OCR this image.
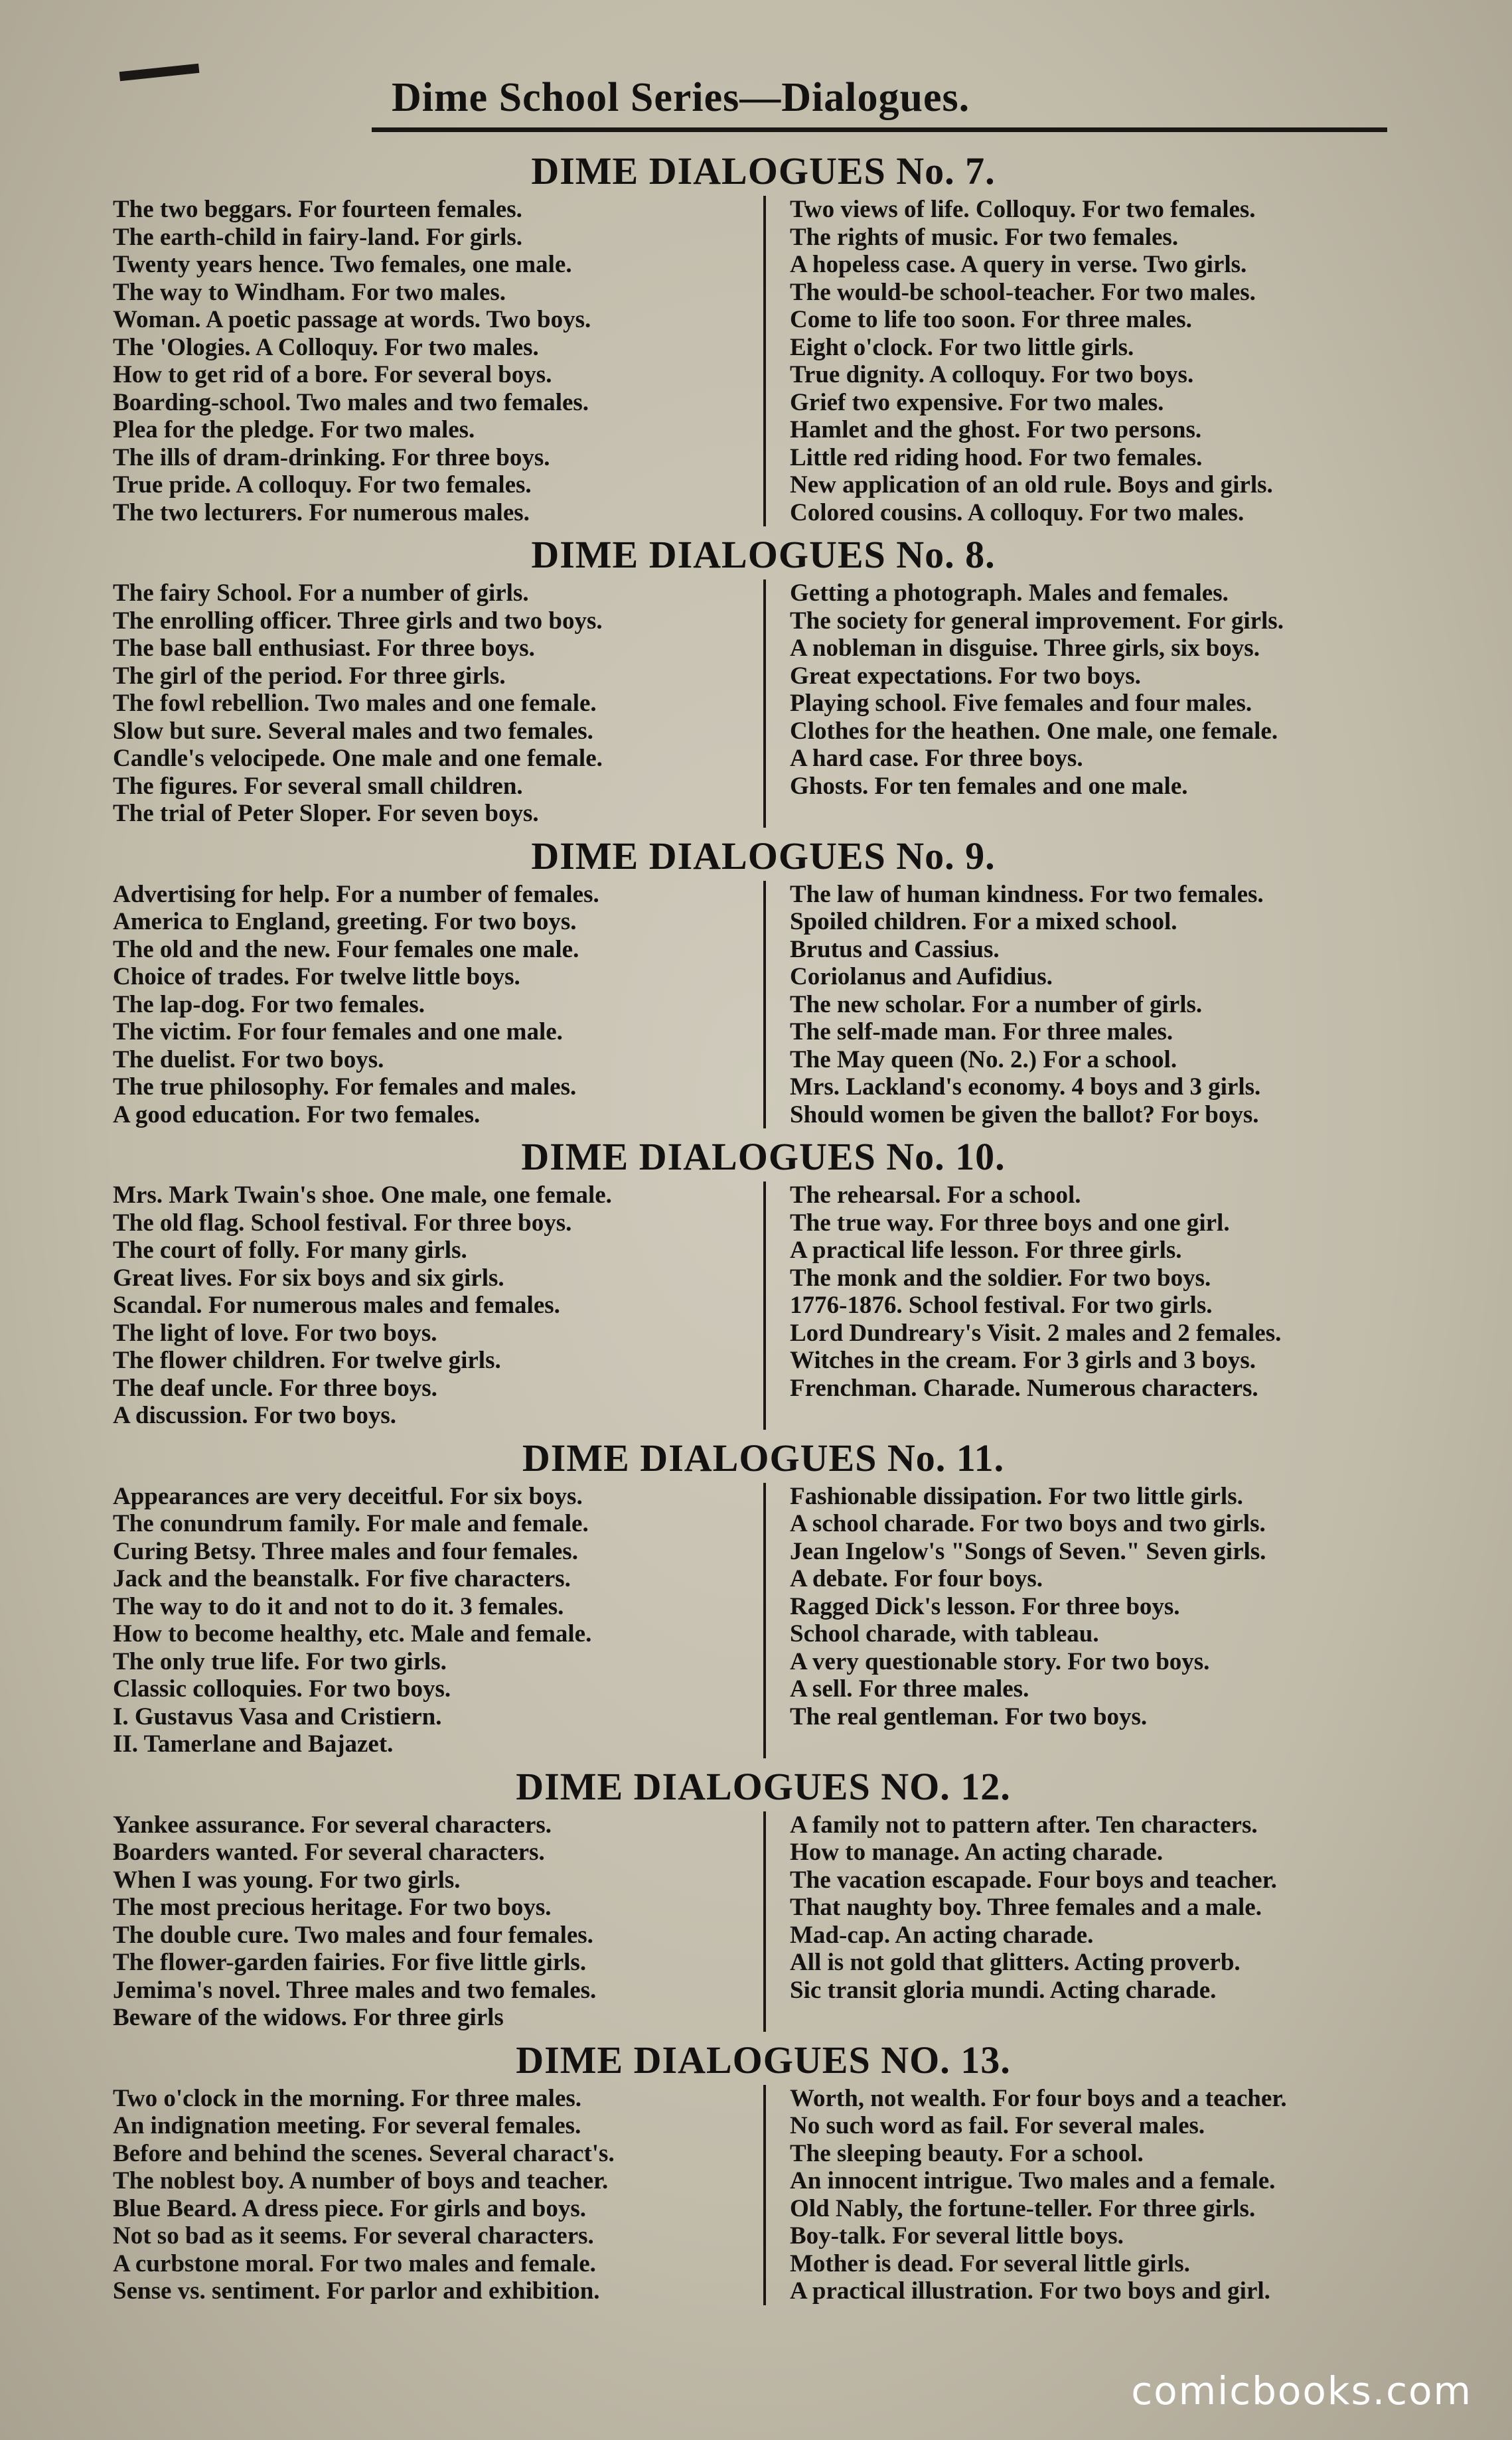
Dime School Series—Dialogues.
DIME DIALOGUES No. 7.
The two beggars. For fourteen females.
The earth-child in fairy-land. For girls.
Twenty years hence. Two females, one male.
The way to Windham. For two males.
Woman. A poetic passage at words. Two boys.
The 'Ologies. A Colloquy. For two males.
How to get rid of a bore. For several boys.
Boarding-school. Two males and two females.
Plea for the pledge. For two males.
The ills of dram-drinking. For three boys.
True pride. A colloquy. For two females.
The two lecturers. For numerous males.
Two views of life. Colloquy. For two females.
The rights of music. For two females.
A hopeless case. A query in verse. Two girls.
The would-be school-teacher. For two males.
Come to life too soon. For three males.
Eight o'clock. For two little girls.
True dignity. A colloquy. For two boys.
Grief two expensive. For two males.
Hamlet and the ghost. For two persons.
Little red riding hood. For two females.
New application of an old rule. Boys and girls.
Colored cousins. A colloquy. For two males.
DIME DIALOGUES No. 8.
The fairy School. For a number of girls.
The enrolling officer. Three girls and two boys.
The base ball enthusiast. For three boys.
The girl of the period. For three girls.
The fowl rebellion. Two males and one female.
Slow but sure. Several males and two females.
Candle's velocipede. One male and one female.
The figures. For several small children.
The trial of Peter Sloper. For seven boys.
Getting a photograph. Males and females.
The society for general improvement. For girls.
A nobleman in disguise. Three girls, six boys.
Great expectations. For two boys.
Playing school. Five females and four males.
Clothes for the heathen. One male, one female.
A hard case. For three boys.
Ghosts. For ten females and one male.
DIME DIALOGUES No. 9.
Advertising for help. For a number of females.
America to England, greeting. For two boys.
The old and the new. Four females one male.
Choice of trades. For twelve little boys.
The lap-dog. For two females.
The victim. For four females and one male.
The duelist. For two boys.
The true philosophy. For females and males.
A good education. For two females.
The law of human kindness. For two females.
Spoiled children. For a mixed school.
Brutus and Cassius.
Coriolanus and Aufidius.
The new scholar. For a number of girls.
The self-made man. For three males.
The May queen (No. 2.) For a school.
Mrs. Lackland's economy. 4 boys and 3 girls.
Should women be given the ballot? For boys.
DIME DIALOGUES No. 10.
Mrs. Mark Twain's shoe. One male, one female.
The old flag. School festival. For three boys.
The court of folly. For many girls.
Great lives. For six boys and six girls.
Scandal. For numerous males and females.
The light of love. For two boys.
The flower children. For twelve girls.
The deaf uncle. For three boys.
A discussion. For two boys.
The rehearsal. For a school.
The true way. For three boys and one girl.
A practical life lesson. For three girls.
The monk and the soldier. For two boys.
1776-1876. School festival. For two girls.
Lord Dundreary's Visit. 2 males and 2 females.
Witches in the cream. For 3 girls and 3 boys.
Frenchman. Charade. Numerous characters.
DIME DIALOGUES No. 11.
Appearances are very deceitful. For six boys.
The conundrum family. For male and female.
Curing Betsy. Three males and four females.
Jack and the beanstalk. For five characters.
The way to do it and not to do it. 3 females.
How to become healthy, etc. Male and female.
The only true life. For two girls.
Classic colloquies. For two boys.
I. Gustavus Vasa and Cristiern.
II. Tamerlane and Bajazet.
Fashionable dissipation. For two little girls.
A school charade. For two boys and two girls.
Jean Ingelow's "Songs of Seven." Seven girls.
A debate. For four boys.
Ragged Dick's lesson. For three boys.
School charade, with tableau.
A very questionable story. For two boys.
A sell. For three males.
The real gentleman. For two boys.
DIME DIALOGUES NO. 12.
Yankee assurance. For several characters.
Boarders wanted. For several characters.
When I was young. For two girls.
The most precious heritage. For two boys.
The double cure. Two males and four females.
The flower-garden fairies. For five little girls.
Jemima's novel. Three males and two females.
Beware of the widows. For three girls
A family not to pattern after. Ten characters.
How to manage. An acting charade.
The vacation escapade. Four boys and teacher.
That naughty boy. Three females and a male.
Mad-cap. An acting charade.
All is not gold that glitters. Acting proverb.
Sic transit gloria mundi. Acting charade.
DIME DIALOGUES NO. 13.
Two o'clock in the morning. For three males.
An indignation meeting. For several females.
Before and behind the scenes. Several charact's.
The noblest boy. A number of boys and teacher.
Blue Beard. A dress piece. For girls and boys.
Not so bad as it seems. For several characters.
A curbstone moral. For two males and female.
Sense vs. sentiment. For parlor and exhibition.
Worth, not wealth. For four boys and a teacher.
No such word as fail. For several males.
The sleeping beauty. For a school.
An innocent intrigue. Two males and a female.
Old Nably, the fortune-teller. For three girls.
Boy-talk. For several little boys.
Mother is dead. For several little girls.
A practical illustration. For two boys and girl.
comicbooks.com
